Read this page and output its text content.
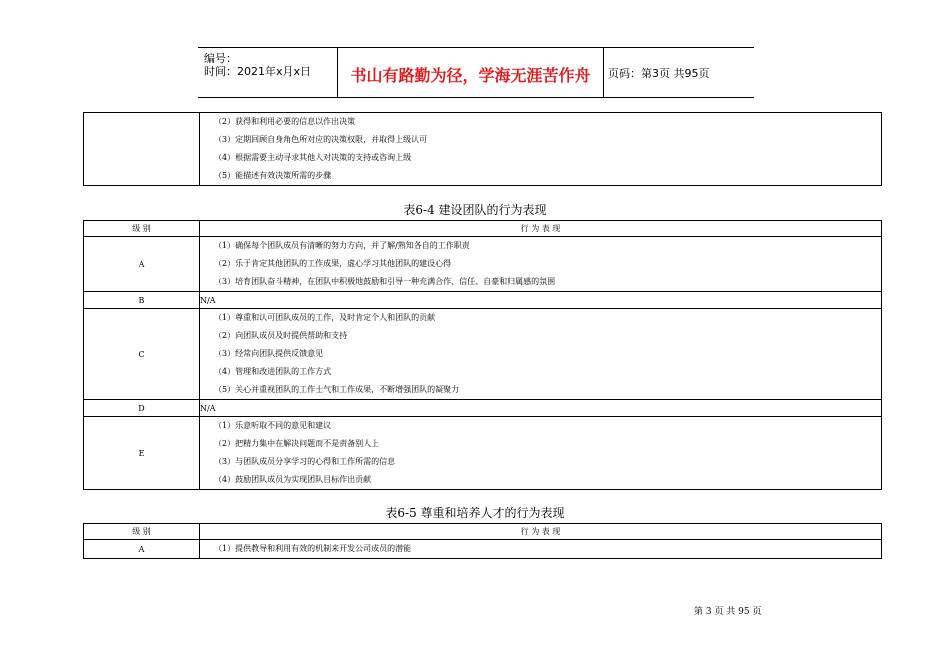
编号：
时间：2021年x月x日	书山有路勤为径，学海无涯苦作舟	页码：第3页 共95页

（2）获得和利用必要的信息以作出决策
（3）定期回顾自身角色所对应的决策权限，并取得上级认可
（4）根据需要主动寻求其他人对决策的支持或咨询上级
（5）能描述有效决策所需的步骤
表6-4 建设团队的行为表现
级 别	行 为 表 现
A	（1）确保每个团队成员有清晰的努力方向，并了解/熟知各自的工作职责
（2）乐于肯定其他团队的工作成果，虚心学习其他团队的建设心得
（3）培育团队奋斗精神，在团队中积极地鼓励和引导一种充满合作、信任、自豪和归属感的氛围

B	N/A
C	（1）尊重和认可团队成员的工作，及时肯定个人和团队的贡献
（2）向团队成员及时提供帮助和支持
（3）经常向团队提供反馈意见
（4）管理和改进团队的工作方式
（5）关心并重视团队的工作士气和工作成果，不断增强团队的凝聚力

D	N/A
E	（1）乐意听取不同的意见和建议
（2）把精力集中在解决问题而不是责备别人上
（3）与团队成员分享学习的心得和工作所需的信息
（4）鼓励团队成员为实现团队目标作出贡献
表6-5 尊重和培养人才的行为表现
级 别	行 为 表 现
A	（1）提供教导和利用有效的机制来开发公司成员的潜能
第 3 页 共 95 页
